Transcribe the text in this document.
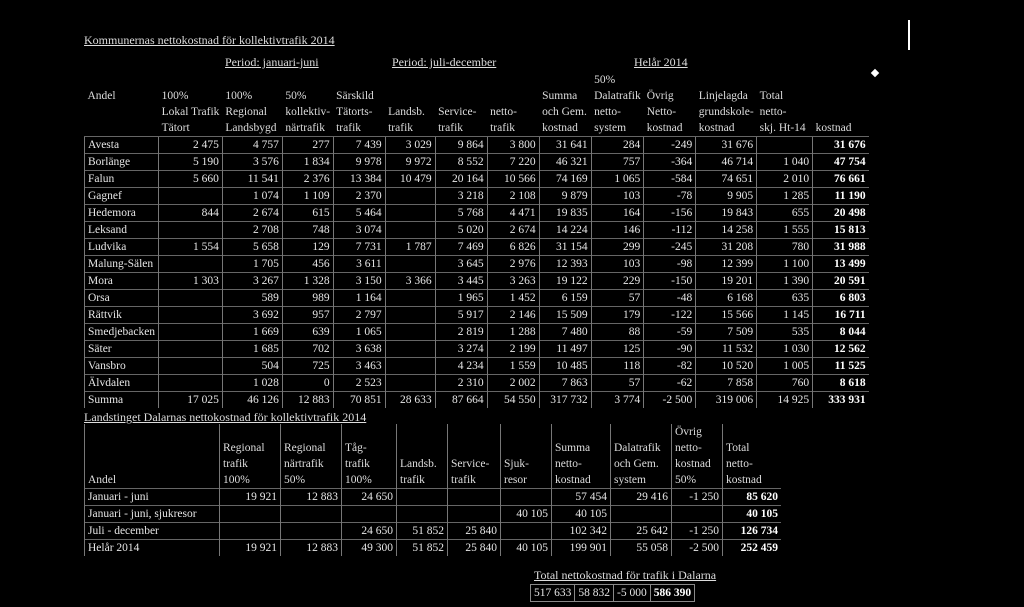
Kommunernas nettokostnad för kollektivtrafik 2014
Period: januari-juni	Period: juli-december	Helår 2014
									50%				
Andel	100%	100%	50%	Särskild				Summa	Dalatrafik	Övrig	Linjelagda	Total	
	Lokal Trafik	Regional	kollektiv-	Tätorts-	Landsb.	Service-	netto-	och Gem.	netto-	Netto-	grundskole-	netto-	
	Tätort	Landsbygd	närtrafik	trafik	trafik	trafik	trafik	kostnad	system	kostnad	kostnad	skj. Ht-14	kostnad
Avesta	2 475	4 757	277	7 439	3 029	9 864	3 800	31 641	284	-249	31 676		31 676
Borlänge	5 190	3 576	1 834	9 978	9 972	8 552	7 220	46 321	757	-364	46 714	1 040	47 754
Falun	5 660	11 541	2 376	13 384	10 479	20 164	10 566	74 169	1 065	-584	74 651	2 010	76 661
Gagnef		1 074	1 109	2 370		3 218	2 108	9 879	103	-78	9 905	1 285	11 190
Hedemora	844	2 674	615	5 464		5 768	4 471	19 835	164	-156	19 843	655	20 498
Leksand		2 708	748	3 074		5 020	2 674	14 224	146	-112	14 258	1 555	15 813
Ludvika	1 554	5 658	129	7 731	1 787	7 469	6 826	31 154	299	-245	31 208	780	31 988
Malung-Sälen		1 705	456	3 611		3 645	2 976	12 393	103	-98	12 399	1 100	13 499
Mora	1 303	3 267	1 328	3 150	3 366	3 445	3 263	19 122	229	-150	19 201	1 390	20 591
Orsa		589	989	1 164		1 965	1 452	6 159	57	-48	6 168	635	6 803
Rättvik		3 692	957	2 797		5 917	2 146	15 509	179	-122	15 566	1 145	16 711
Smedjebacken		1 669	639	1 065		2 819	1 288	7 480	88	-59	7 509	535	8 044
Säter		1 685	702	3 638		3 274	2 199	11 497	125	-90	11 532	1 030	12 562
Vansbro		504	725	3 463		4 234	1 559	10 485	118	-82	10 520	1 005	11 525
Älvdalen		1 028	0	2 523		2 310	2 002	7 863	57	-62	7 858	760	8 618
Summa	17 025	46 126	12 883	70 851	28 633	87 664	54 550	317 732	3 774	-2 500	319 006	14 925	333 931
Landstinget Dalarnas nettokostnad för kollektivtrafik 2014
									Övrig	
	Regional	Regional	Tåg-				Summa	Dalatrafik	netto-	Total
	trafik	närtrafik	trafik	Landsb.	Service-	Sjuk-	netto-	och Gem.	kostnad	netto-
Andel	100%	50%	100%	trafik	trafik	resor	kostnad	system	50%	kostnad
Januari - juni	19 921	12 883	24 650				57 454	29 416	-1 250	85 620
Januari - juni, sjukresor						40 105	40 105			40 105
Juli - december			24 650	51 852	25 840		102 342	25 642	-1 250	126 734
Helår 2014	19 921	12 883	49 300	51 852	25 840	40 105	199 901	55 058	-2 500	252 459
Total nettokostnad för trafik i Dalarna
517 633	58 832	-5 000	586 390
